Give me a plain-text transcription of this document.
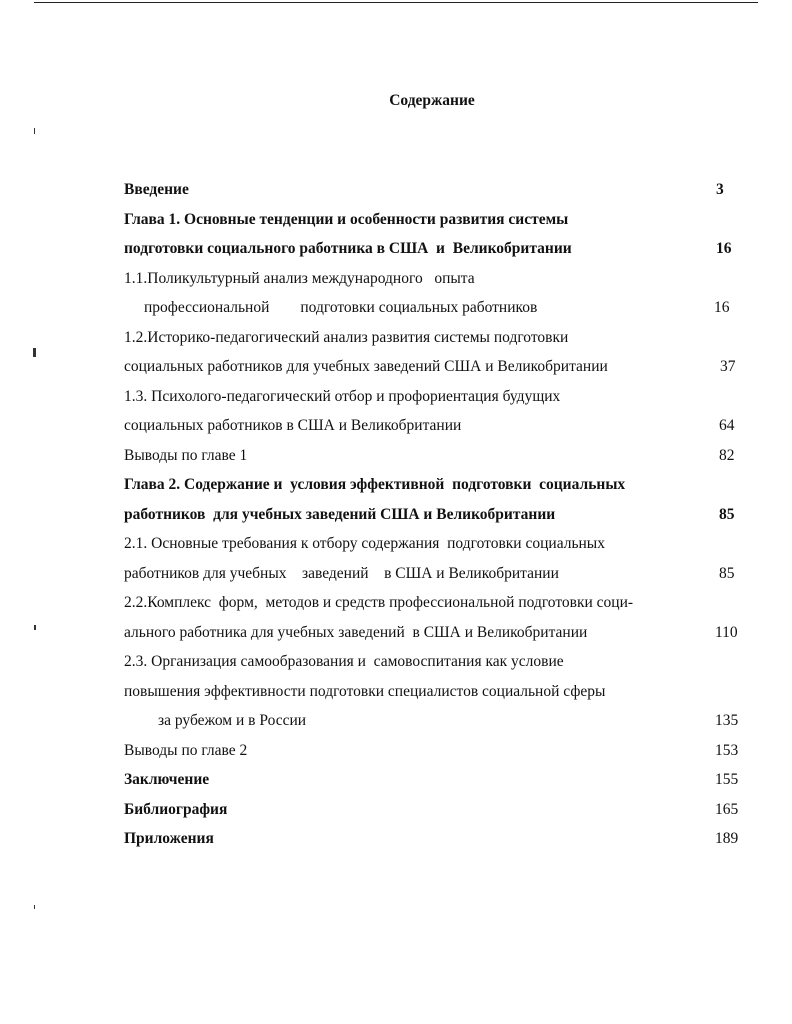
Содержание
Введение	3
Глава 1. Основные тенденции и особенности развития системы
подготовки социального работника в США  и  Великобритании	16
1.1.Поликультурный анализ международного   опыта
профессиональной        подготовки социальных работников	16
1.2.Историко-педагогический анализ развития системы подготовки
социальных работников для учебных заведений США и Великобритании	37
1.3. Психолого-педагогический отбор и профориентация будущих
социальных работников в США и Великобритании	64
Выводы по главе 1	82
Глава 2. Содержание и  условия эффективной  подготовки  социальных
работников  для учебных заведений США и Великобритании	85
2.1. Основные требования к отбору содержания  подготовки социальных
работников для учебных    заведений    в США и Великобритании	85
2.2.Комплекс  форм,  методов и средств профессиональной подготовки соци-
ального работника для учебных заведений  в США и Великобритании	110
2.3. Организация самообразования и  самовоспитания как условие
повышения эффективности подготовки специалистов социальной сферы
за рубежом и в России	135
Выводы по главе 2	153
Заключение	155
Библиография	165
Приложения	189
